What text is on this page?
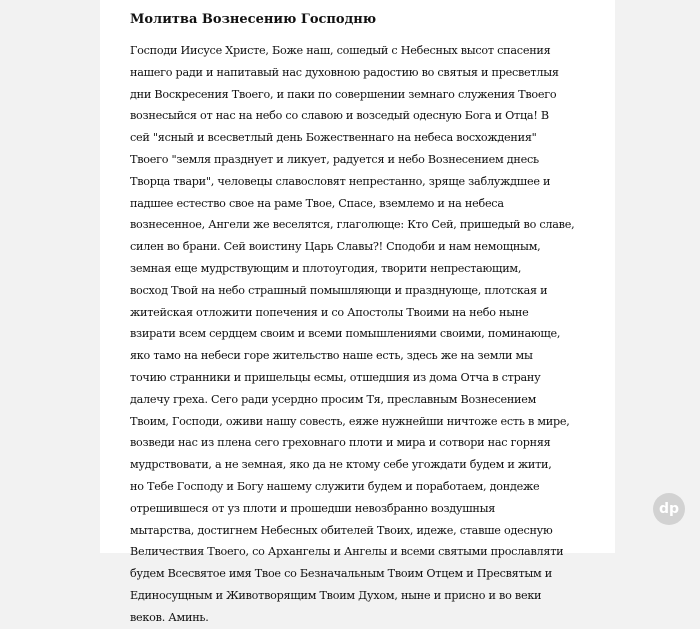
Молитва Вознесению Господню
Господи Иисусе Христе, Боже наш, сошедый с Небесных высот спасения
нашего ради и напитавый нас духовною радостию во святыя и пресветлыя
дни Воскресения Твоего, и паки по совершении земнаго служения Твоего
вознесыйся от нас на небо со славою и возседый одесную Бога и Отца! В
сей "ясный и всесветлый день Божественнаго на небеса восхождения"
Твоего "земля празднует и ликует, радуется и небо Вознесением днесь
Творца твари", человецы славословят непрестанно, зряще заблуждшее и
падшее естество свое на раме Твое, Спасе, вземлемо и на небеса
вознесенное, Ангели же веселятся, глаголюще: Кто Сей, пришедый во славе,
силен во брани. Сей воистину Царь Славы?! Сподоби и нам немощным,
земная еще мудрствующим и плотоугодия, творити непрестающим,
восход Твой на небо страшный помышляющи и празднующе, плотская и
житейская отложити попечения и со Апостолы Твоими на небо ныне
взирати всем сердцем своим и всеми помышлениями своими, поминающе,
яко тамо на небеси горе жительство наше есть, здесь же на земли мы
точию странники и пришельцы есмы, отшедшия из дома Отча в страну
далечу греха. Сего ради усердно просим Тя, преславным Вознесением
Твоим, Господи, оживи нашу совесть, еяже нужнейши ничтоже есть в мире,
возведи нас из плена сего греховнаго плоти и мира и сотвори нас горняя
мудрствовати, а не земная, яко да не ктому себе угождати будем и жити,
но Тебе Господу и Богу нашему служити будем и поработаем, дондеже
отрешившеся от уз плоти и прошедши невозбранно воздушныя
мытарства, достигнем Небесных обителей Твоих, идеже, ставше одесную
Величествия Твоего, со Архангелы и Ангелы и всеми святыми прославляти
будем Всесвятое имя Твое со Безначальным Твоим Отцем и Пресвятым и
Единосущным и Животворящим Твоим Духом, ныне и присно и во веки
веков. Аминь.
dp
